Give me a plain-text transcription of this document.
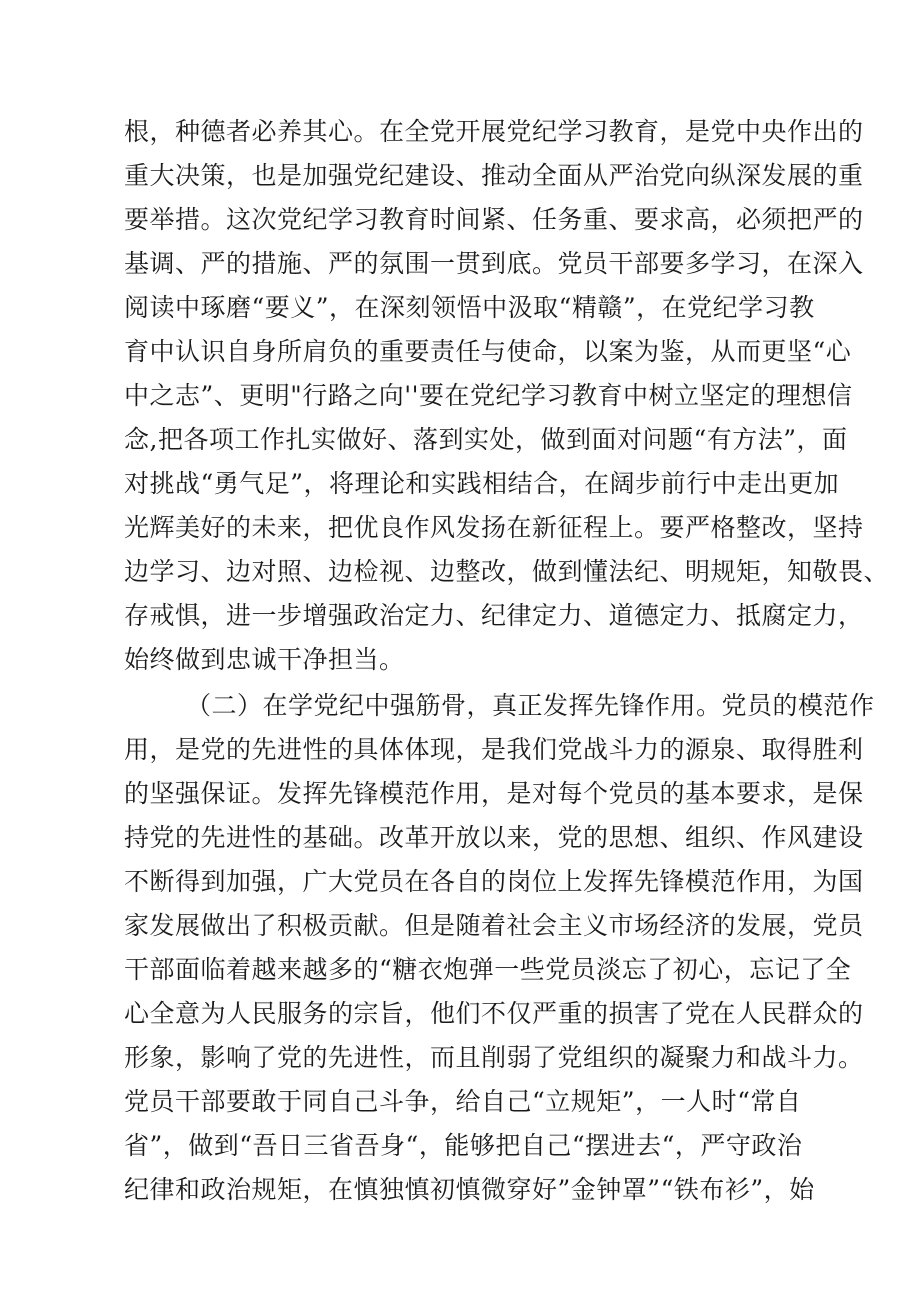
根，种德者必养其心。在全党开展党纪学习教育，是党中央作出的

重大决策，也是加强党纪建设、推动全面从严治党向纵深发展的重

要举措。这次党纪学习教育时间紧、任务重、要求高，必须把严的

基调、严的措施、严的氛围一贯到底。党员干部要多学习，在深入

阅读中琢磨“要义”，在深刻领悟中汲取“精赣”，在党纪学习教

育中认识自身所肩负的重要责任与使命，以案为鉴，从而更坚“心

中之志”、更明"行路之向''要在党纪学习教育中树立坚定的理想信

念,把各项工作扎实做好、落到实处，做到面对问题“有方法”，面

对挑战“勇气足”，将理论和实践相结合，在阔步前行中走出更加

光辉美好的未来，把优良作风发扬在新征程上。要严格整改，坚持

边学习、边对照、边检视、边整改，做到懂法纪、明规矩，知敬畏、

存戒惧，进一步增强政治定力、纪律定力、道德定力、抵腐定力，

始终做到忠诚干净担当。

（二）在学党纪中强筋骨，真正发挥先锋作用。党员的模范作

用，是党的先进性的具体体现，是我们党战斗力的源泉、取得胜利

的坚强保证。发挥先锋模范作用，是对每个党员的基本要求，是保

持党的先进性的基础。改革开放以来，党的思想、组织、作风建设

不断得到加强，广大党员在各自的岗位上发挥先锋模范作用，为国

家发展做出了积极贡献。但是随着社会主义市场经济的发展，党员

干部面临着越来越多的“糖衣炮弹一些党员淡忘了初心，忘记了全

心全意为人民服务的宗旨，他们不仅严重的损害了党在人民群众的

形象，影响了党的先进性，而且削弱了党组织的凝聚力和战斗力。

党员干部要敢于同自己斗争，给自己“立规矩”，一人时“常自

省”，做到“吾日三省吾身“，能够把自己“摆进去“，严守政治

纪律和政治规矩，在慎独慎初慎微穿好”金钟罩”“铁布衫”，始
